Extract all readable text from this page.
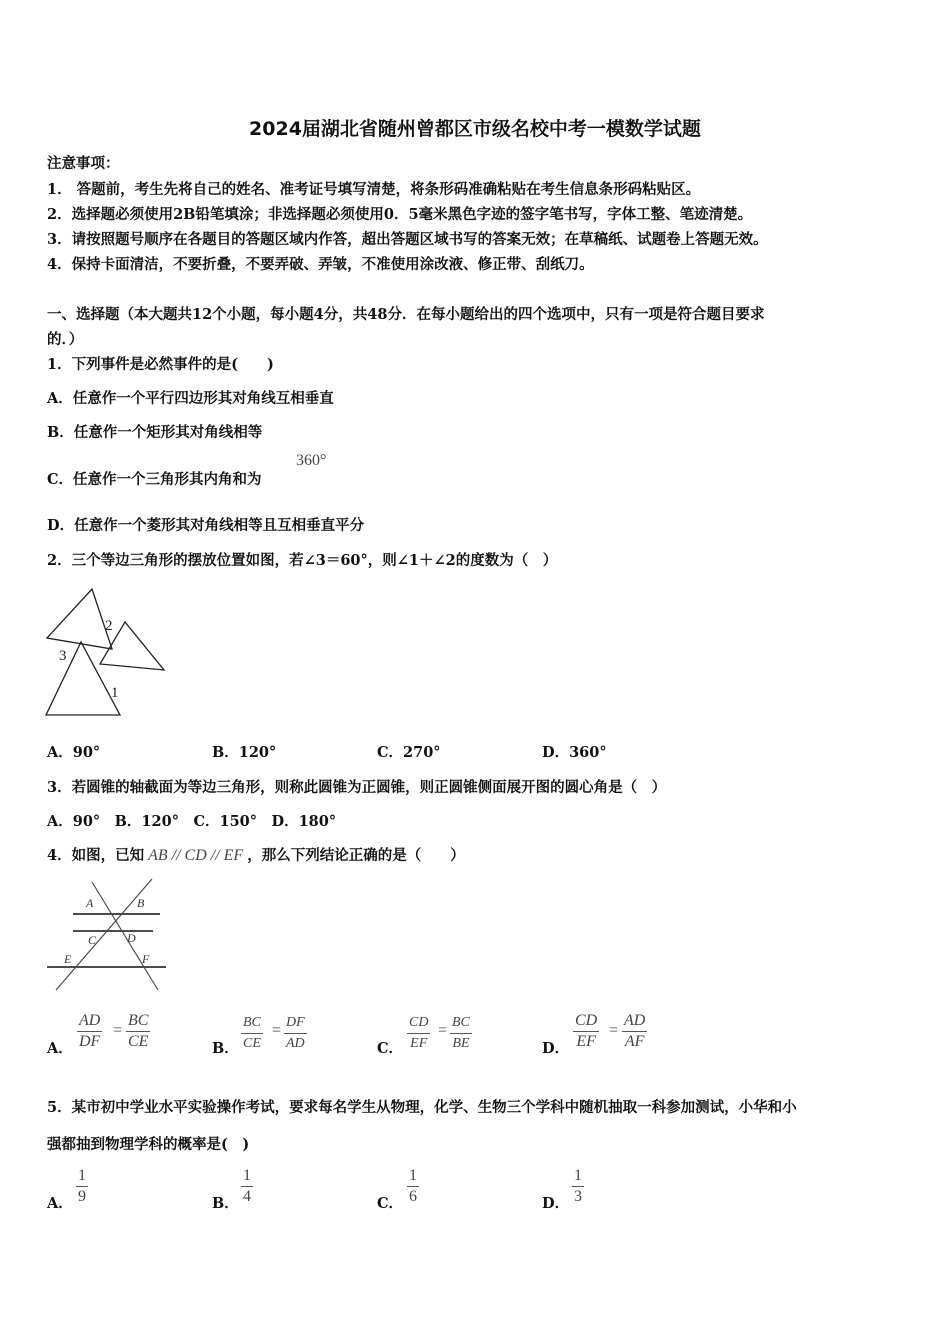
2024届湖北省随州曾都区市级名校中考一模数学试题
注意事项：
1． 答题前，考生先将自己的姓名、准考证号填写清楚，将条形码准确粘贴在考生信息条形码粘贴区。
2．选择题必须使用2B铅笔填涂；非选择题必须使用0．5毫米黑色字迹的签字笔书写，字体工整、笔迹清楚。
3．请按照题号顺序在各题目的答题区域内作答，超出答题区域书写的答案无效；在草稿纸、试题卷上答题无效。
4．保持卡面清洁，不要折叠，不要弄破、弄皱，不准使用涂改液、修正带、刮纸刀。
一、选择题（本大题共12个小题，每小题4分，共48分．在每小题给出的四个选项中，只有一项是符合题目要求
的．）
1．下列事件是必然事件的是(　　)
A．任意作一个平行四边形其对角线互相垂直
B．任意作一个矩形其对角线相等
C．任意作一个三角形其内角和为
360°
D．任意作一个菱形其对角线相等且互相垂直平分
2．三个等边三角形的摆放位置如图，若∠3＝60°，则∠1＋∠2的度数为（　）
2
3
1
A．90°	B．120°	C．270°	D．360°
3．若圆锥的轴截面为等边三角形，则称此圆锥为正圆锥，则正圆锥侧面展开图的圆心角是（　）
A．90°　B．120°　C．150°　D．180°
4．如图，已知 AB // CD // EF ，那么下列结论正确的是（　　）
A	B
C	D
E	F
A． $\frac{AD}{DF} = \frac{BC}{CE}$	B． $\frac{BC}{CE} = \frac{DF}{AD}$	C． $\frac{CD}{EF} = \frac{BC}{BE}$	D． $\frac{CD}{EF} = \frac{AD}{AF}$
5．某市初中学业水平实验操作考试，要求每名学生从物理，化学、生物三个学科中随机抽取一科参加测试，小华和小
强都抽到物理学科的概率是(　)
A． $\frac{1}{9}$	B． $\frac{1}{4}$	C． $\frac{1}{6}$	D． $\frac{1}{3}$
